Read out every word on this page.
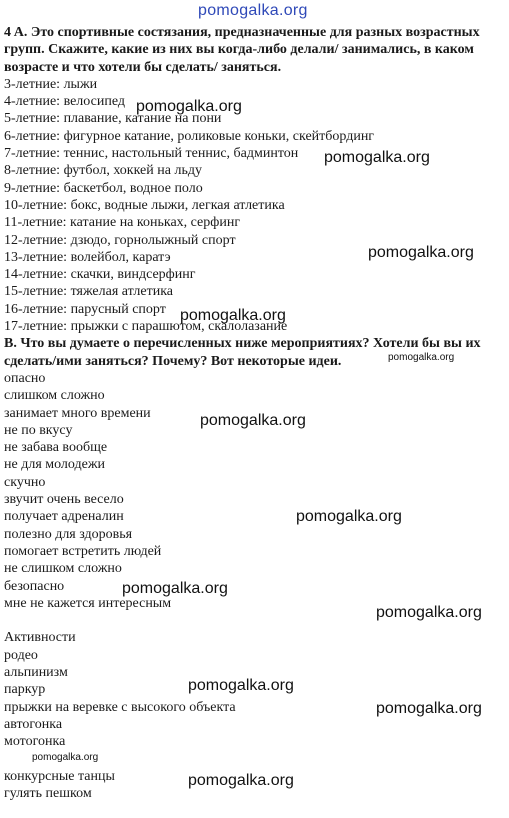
pomogalka.org
4 A. Это спортивные состязания, предназначенные для разных возрастных групп. Скажите, какие из них вы когда-либо делали/ занимались, в каком возрасте и что хотели бы сделать/ заняться.
3-летние: лыжи
4-летние: велосипед
5-летние: плавание, катание на пони
6-летние: фигурное катание, роликовые коньки, скейтбординг
7-летние: теннис, настольный теннис, бадминтон
8-летние: футбол, хоккей на льду
9-летние: баскетбол, водное поло
10-летние: бокс, водные лыжи, легкая атлетика
11-летние: катание на коньках, серфинг
12-летние: дзюдо, горнолыжный спорт
13-летние: волейбол, каратэ
14-летние: скачки, виндсерфинг
15-летние: тяжелая атлетика
16-летние: парусный спорт
17-летние: прыжки с парашютом, скалолазание
B. Что вы думаете о перечисленных ниже мероприятиях? Хотели бы вы их сделать/ими заняться? Почему? Вот некоторые идеи.
опасно
слишком сложно
занимает много времени
не по вкусу
не забава вообще
не для молодежи
скучно
звучит очень весело
получает адреналин
полезно для здоровья
помогает встретить людей
не слишком сложно
безопасно
мне не кажется интересным
Активности
родео
альпинизм
паркур
прыжки на веревке с высокого объекта
автогонка
мотогонка
конкурсные танцы
гулять пешком
pomogalka.org
pomogalka.org
pomogalka.org
pomogalka.org
pomogalka.org
pomogalka.org
pomogalka.org
pomogalka.org
pomogalka.org
pomogalka.org
pomogalka.org
pomogalka.org
pomogalka.org
